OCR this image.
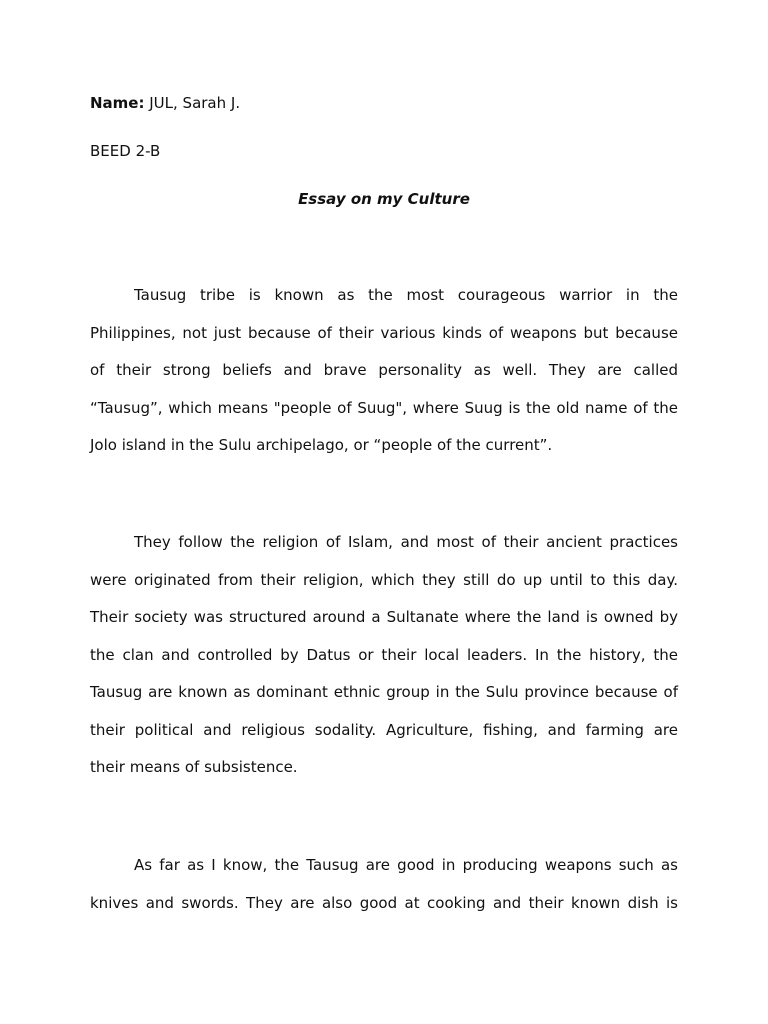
Name: JUL, Sarah J.
BEED 2-B
Essay on my Culture
Tausug tribe is known as the most courageous warrior in the
Philippines, not just because of their various kinds of weapons but because
of their strong beliefs and brave personality as well. They are called
“Tausug”, which means "people of Suug", where Suug is the old name of the
Jolo island in the Sulu archipelago, or “people of the current”.
They follow the religion of Islam, and most of their ancient practices
were originated from their religion, which they still do up until to this day.
Their society was structured around a Sultanate where the land is owned by
the clan and controlled by Datus or their local leaders. In the history, the
Tausug are known as dominant ethnic group in the Sulu province because of
their political and religious sodality. Agriculture, fishing, and farming are
their means of subsistence.
As far as I know, the Tausug are good in producing weapons such as
knives and swords. They are also good at cooking and their known dish is
